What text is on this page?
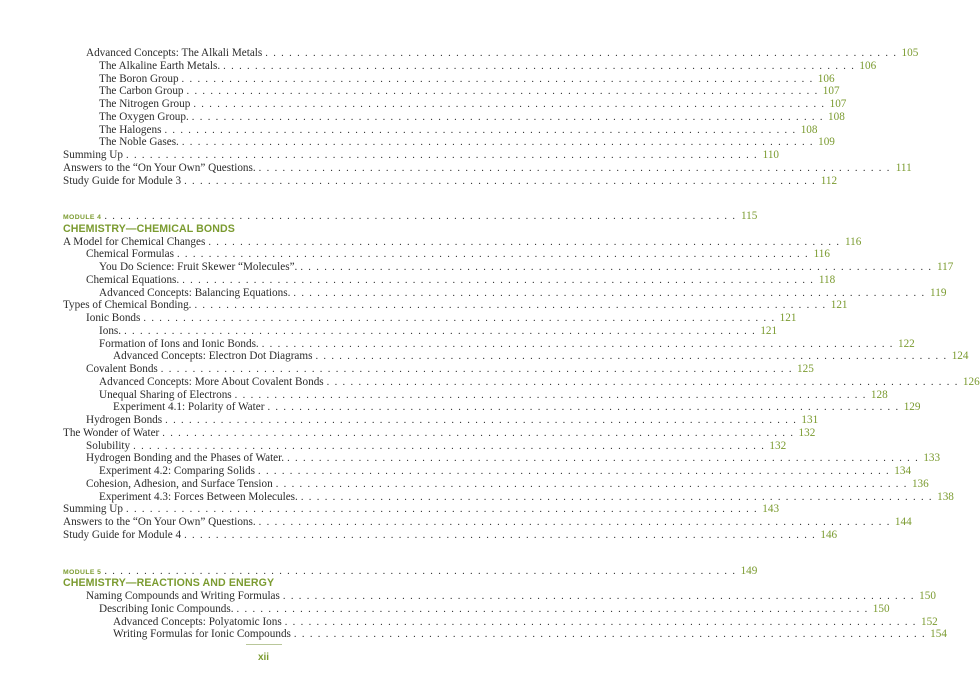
Advanced Concepts: The Alkali Metals . . . . . . . . . . . . . . . . . . . . . . . . . . . . . . . . . . . . . . . . . . . . . . . . . . . . . . . . . . . . . . . . . . . . . . . . . . . . . . . . 105
The Alkaline Earth Metals. . . . . . . . . . . . . . . . . . . . . . . . . . . . . . . . . . . . . . . . . . . . . . . . . . . . . . . . . . . . . . . . . . . . . . . . . . . . . . . . . 106
The Boron Group . . . . . . . . . . . . . . . . . . . . . . . . . . . . . . . . . . . . . . . . . . . . . . . . . . . . . . . . . . . . . . . . . . . . . . . . . . . . . . . . 106
The Carbon Group . . . . . . . . . . . . . . . . . . . . . . . . . . . . . . . . . . . . . . . . . . . . . . . . . . . . . . . . . . . . . . . . . . . . . . . . . . . . . . . . 107
The Nitrogen Group . . . . . . . . . . . . . . . . . . . . . . . . . . . . . . . . . . . . . . . . . . . . . . . . . . . . . . . . . . . . . . . . . . . . . . . . . . . . . . . . 107
The Oxygen Group. . . . . . . . . . . . . . . . . . . . . . . . . . . . . . . . . . . . . . . . . . . . . . . . . . . . . . . . . . . . . . . . . . . . . . . . . . . . . . . . . 108
The Halogens . . . . . . . . . . . . . . . . . . . . . . . . . . . . . . . . . . . . . . . . . . . . . . . . . . . . . . . . . . . . . . . . . . . . . . . . . . . . . . . . 108
The Noble Gases. . . . . . . . . . . . . . . . . . . . . . . . . . . . . . . . . . . . . . . . . . . . . . . . . . . . . . . . . . . . . . . . . . . . . . . . . . . . . . . . . 109
Summing Up . . . . . . . . . . . . . . . . . . . . . . . . . . . . . . . . . . . . . . . . . . . . . . . . . . . . . . . . . . . . . . . . . . . . . . . . . . . . . . . . 110
Answers to the “On Your Own” Questions. . . . . . . . . . . . . . . . . . . . . . . . . . . . . . . . . . . . . . . . . . . . . . . . . . . . . . . . . . . . . . . . . . . . . . . . . . . . . . . . . 111
Study Guide for Module 3 . . . . . . . . . . . . . . . . . . . . . . . . . . . . . . . . . . . . . . . . . . . . . . . . . . . . . . . . . . . . . . . . . . . . . . . . . . . . . . . . 112
MODULE 4 . . . . . . . . . . . . . . . . . . . . . . . . . . . . . . . . . . . . . . . . . . . . . . . . . . . . . . . . . . . . . . . . . . . . . . . . . . . . . . . . 115
CHEMISTRY—CHEMICAL BONDS
A Model for Chemical Changes . . . . . . . . . . . . . . . . . . . . . . . . . . . . . . . . . . . . . . . . . . . . . . . . . . . . . . . . . . . . . . . . . . . . . . . . . . . . . . . . 116
Chemical Formulas . . . . . . . . . . . . . . . . . . . . . . . . . . . . . . . . . . . . . . . . . . . . . . . . . . . . . . . . . . . . . . . . . . . . . . . . . . . . . . . . 116
You Do Science: Fruit Skewer “Molecules”. . . . . . . . . . . . . . . . . . . . . . . . . . . . . . . . . . . . . . . . . . . . . . . . . . . . . . . . . . . . . . . . . . . . . . . . . . . . . . . . . 117
Chemical Equations. . . . . . . . . . . . . . . . . . . . . . . . . . . . . . . . . . . . . . . . . . . . . . . . . . . . . . . . . . . . . . . . . . . . . . . . . . . . . . . . . 118
Advanced Concepts: Balancing Equations. . . . . . . . . . . . . . . . . . . . . . . . . . . . . . . . . . . . . . . . . . . . . . . . . . . . . . . . . . . . . . . . . . . . . . . . . . . . . . . . . 119
Types of Chemical Bonding. . . . . . . . . . . . . . . . . . . . . . . . . . . . . . . . . . . . . . . . . . . . . . . . . . . . . . . . . . . . . . . . . . . . . . . . . . . . . . . . . 121
Ionic Bonds . . . . . . . . . . . . . . . . . . . . . . . . . . . . . . . . . . . . . . . . . . . . . . . . . . . . . . . . . . . . . . . . . . . . . . . . . . . . . . . . 121
Ions. . . . . . . . . . . . . . . . . . . . . . . . . . . . . . . . . . . . . . . . . . . . . . . . . . . . . . . . . . . . . . . . . . . . . . . . . . . . . . . . . 121
Formation of Ions and Ionic Bonds. . . . . . . . . . . . . . . . . . . . . . . . . . . . . . . . . . . . . . . . . . . . . . . . . . . . . . . . . . . . . . . . . . . . . . . . . . . . . . . . . 122
Advanced Concepts: Electron Dot Diagrams . . . . . . . . . . . . . . . . . . . . . . . . . . . . . . . . . . . . . . . . . . . . . . . . . . . . . . . . . . . . . . . . . . . . . . . . . . . . . . . . 124
Covalent Bonds . . . . . . . . . . . . . . . . . . . . . . . . . . . . . . . . . . . . . . . . . . . . . . . . . . . . . . . . . . . . . . . . . . . . . . . . . . . . . . . . 125
Advanced Concepts: More About Covalent Bonds . . . . . . . . . . . . . . . . . . . . . . . . . . . . . . . . . . . . . . . . . . . . . . . . . . . . . . . . . . . . . . . . . . . . . . . . . . . . . . . . 126
Unequal Sharing of Electrons . . . . . . . . . . . . . . . . . . . . . . . . . . . . . . . . . . . . . . . . . . . . . . . . . . . . . . . . . . . . . . . . . . . . . . . . . . . . . . . . 128
Experiment 4.1: Polarity of Water . . . . . . . . . . . . . . . . . . . . . . . . . . . . . . . . . . . . . . . . . . . . . . . . . . . . . . . . . . . . . . . . . . . . . . . . . . . . . . . . 129
Hydrogen Bonds . . . . . . . . . . . . . . . . . . . . . . . . . . . . . . . . . . . . . . . . . . . . . . . . . . . . . . . . . . . . . . . . . . . . . . . . . . . . . . . . 131
The Wonder of Water . . . . . . . . . . . . . . . . . . . . . . . . . . . . . . . . . . . . . . . . . . . . . . . . . . . . . . . . . . . . . . . . . . . . . . . . . . . . . . . . 132
Solubility . . . . . . . . . . . . . . . . . . . . . . . . . . . . . . . . . . . . . . . . . . . . . . . . . . . . . . . . . . . . . . . . . . . . . . . . . . . . . . . . 132
Hydrogen Bonding and the Phases of Water. . . . . . . . . . . . . . . . . . . . . . . . . . . . . . . . . . . . . . . . . . . . . . . . . . . . . . . . . . . . . . . . . . . . . . . . . . . . . . . . . 133
Experiment 4.2: Comparing Solids . . . . . . . . . . . . . . . . . . . . . . . . . . . . . . . . . . . . . . . . . . . . . . . . . . . . . . . . . . . . . . . . . . . . . . . . . . . . . . . . 134
Cohesion, Adhesion, and Surface Tension . . . . . . . . . . . . . . . . . . . . . . . . . . . . . . . . . . . . . . . . . . . . . . . . . . . . . . . . . . . . . . . . . . . . . . . . . . . . . . . . 136
Experiment 4.3: Forces Between Molecules. . . . . . . . . . . . . . . . . . . . . . . . . . . . . . . . . . . . . . . . . . . . . . . . . . . . . . . . . . . . . . . . . . . . . . . . . . . . . . . . . 138
Summing Up . . . . . . . . . . . . . . . . . . . . . . . . . . . . . . . . . . . . . . . . . . . . . . . . . . . . . . . . . . . . . . . . . . . . . . . . . . . . . . . . 143
Answers to the “On Your Own” Questions. . . . . . . . . . . . . . . . . . . . . . . . . . . . . . . . . . . . . . . . . . . . . . . . . . . . . . . . . . . . . . . . . . . . . . . . . . . . . . . . . 144
Study Guide for Module 4 . . . . . . . . . . . . . . . . . . . . . . . . . . . . . . . . . . . . . . . . . . . . . . . . . . . . . . . . . . . . . . . . . . . . . . . . . . . . . . . . 146
MODULE 5 . . . . . . . . . . . . . . . . . . . . . . . . . . . . . . . . . . . . . . . . . . . . . . . . . . . . . . . . . . . . . . . . . . . . . . . . . . . . . . . . 149
CHEMISTRY—REACTIONS AND ENERGY
Naming Compounds and Writing Formulas . . . . . . . . . . . . . . . . . . . . . . . . . . . . . . . . . . . . . . . . . . . . . . . . . . . . . . . . . . . . . . . . . . . . . . . . . . . . . . . . 150
Describing Ionic Compounds. . . . . . . . . . . . . . . . . . . . . . . . . . . . . . . . . . . . . . . . . . . . . . . . . . . . . . . . . . . . . . . . . . . . . . . . . . . . . . . . . 150
Advanced Concepts: Polyatomic Ions . . . . . . . . . . . . . . . . . . . . . . . . . . . . . . . . . . . . . . . . . . . . . . . . . . . . . . . . . . . . . . . . . . . . . . . . . . . . . . . . 152
Writing Formulas for Ionic Compounds . . . . . . . . . . . . . . . . . . . . . . . . . . . . . . . . . . . . . . . . . . . . . . . . . . . . . . . . . . . . . . . . . . . . . . . . . . . . . . . . 154
xii
